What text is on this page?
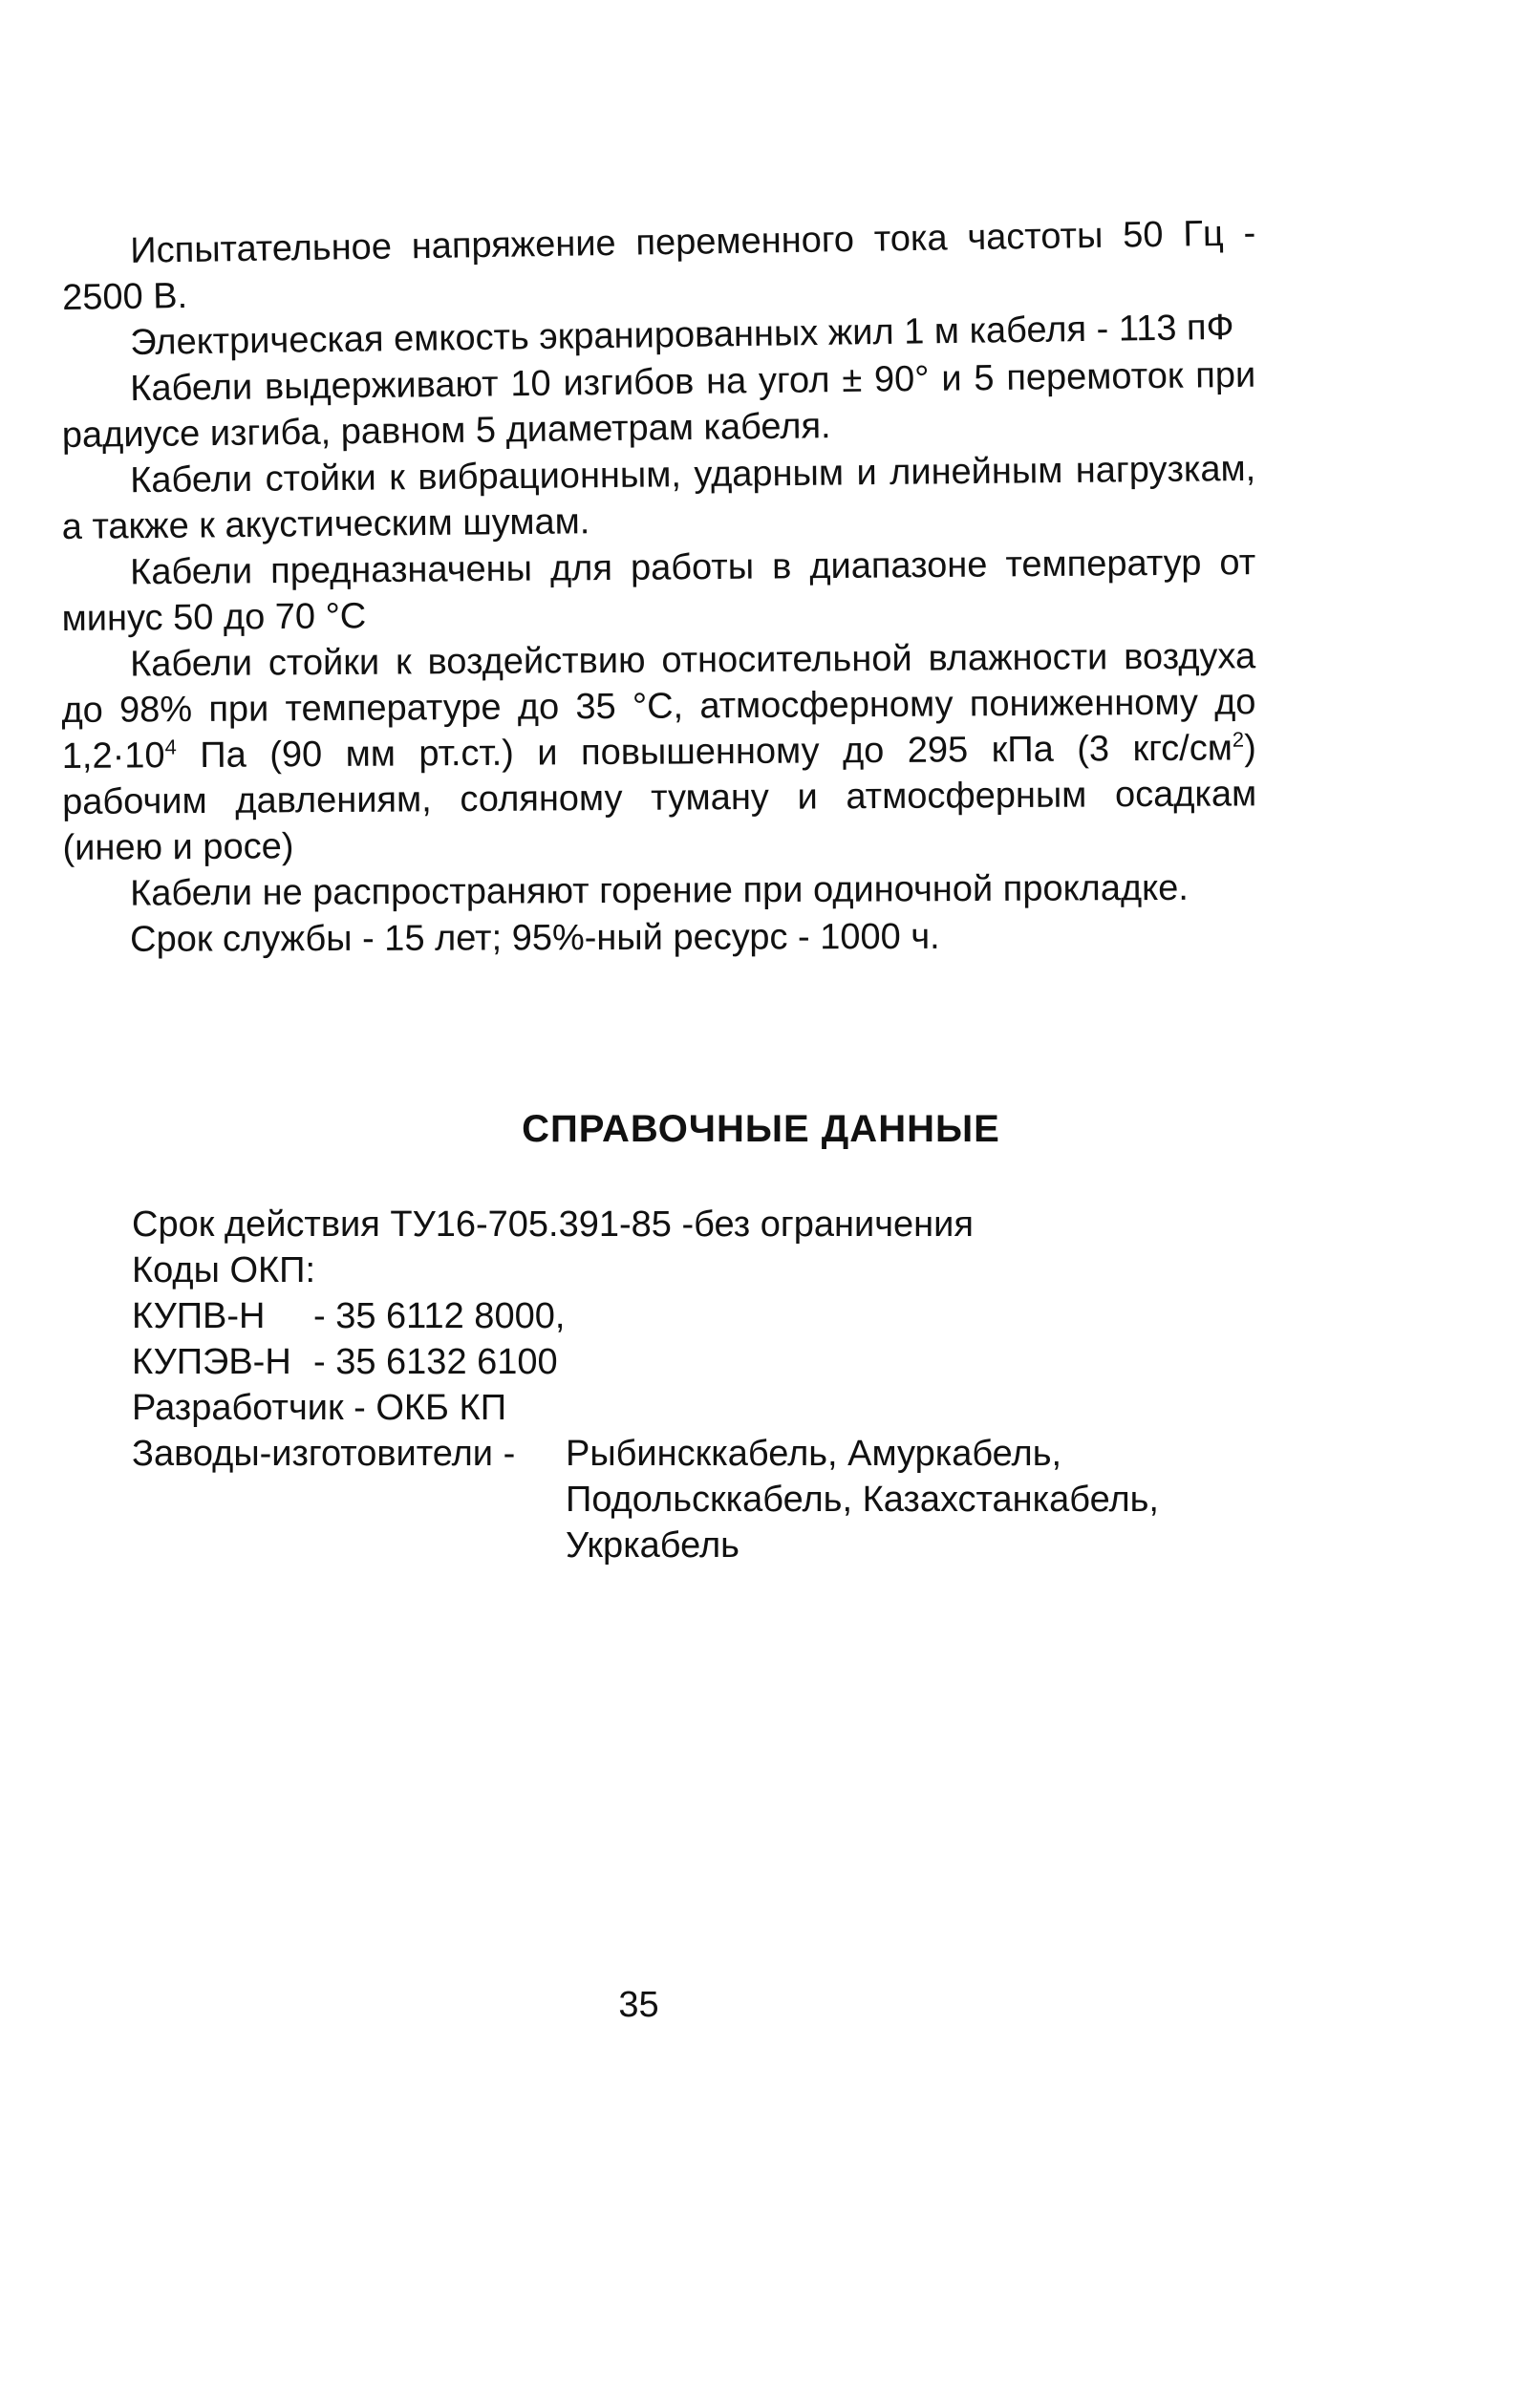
Испытательное напряжение переменного тока частоты 50 Гц - 2500 В.

Электрическая емкость экранированных жил 1 м кабеля - 113 пФ

Кабели выдерживают 10 изгибов на угол ± 90° и 5 перемоток при радиусе изгиба, равном 5 диаметрам кабеля.

Кабели стойки к вибрационным, ударным и линейным нагрузкам, а также к акустическим шумам.

Кабели предназначены для работы в диапазоне температур от минус 50 до 70 °С

Кабели стойки к воздействию относительной влажности воздуха до 98% при температуре до 35 °С, атмосферному пониженному до $1,2\cdot 10^4$ Па (90 мм рт.ст.) и повышенному до 295 кПа (3 кгс/$см^2$) рабочим давлениям, соляному туману и атмосферным осадкам (инею и росе)

Кабели не распространяют горение при одиночной прокладке.

Срок службы - 15 лет; 95%-ный ресурс - 1000 ч.

СПРАВОЧНЫЕ ДАННЫЕ
Срок действия ТУ16-705.391-85 -без ограничения
Коды ОКП:
КУПВ-Н	- 35 6112 8000,
КУПЭВ-Н - 35 6132 6100
Разработчик - ОКБ КП
Заводы-изготовители -	Рыбинсккабель, Амуркабель,
Подольсккабель, Казахстанкабель,
Укркабель
35
